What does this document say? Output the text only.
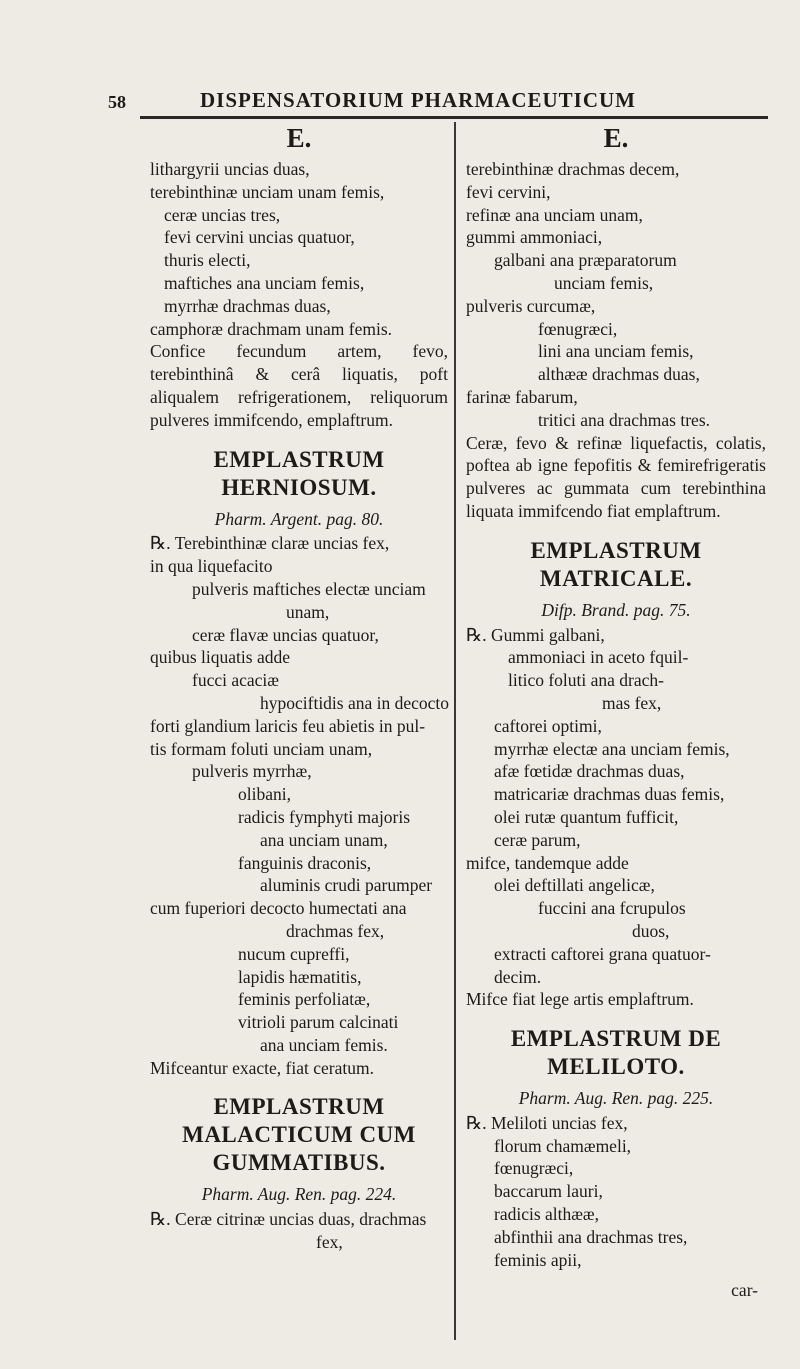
58	DISPENSATORIUM PHARMACEUTICUM
E.
lithargyrii uncias duas,
terebinthinæ unciam unam femis,
ceræ uncias tres,
fevi cervini uncias quatuor,
thuris electi,
maftiches ana unciam femis,
myrrhæ drachmas duas,
camphoræ drachmam unam femis.
Confice fecundum artem, fevo, terebinthinâ & cerâ liquatis, poft aliqualem refrigerationem, reliquorum pulveres immifcendo, emplaftrum.
EMPLASTRUM HERNIOSUM.
Pharm. Argent. pag. 80.
℞. Terebinthinæ claræ uncias fex,
in qua liquefacito
pulveris maftiches electæ unciam
unam,
ceræ flavæ uncias quatuor,
quibus liquatis adde
fucci acaciæ
hypociftidis ana in decocto
forti glandium laricis feu abietis in pul-
tis formam foluti unciam unam,
pulveris myrrhæ,
olibani,
radicis fymphyti majoris
ana unciam unam,
fanguinis draconis,
aluminis crudi parumper
cum fuperiori decocto humectati ana
drachmas fex,
nucum cupreffi,
lapidis hæmatitis,
feminis perfoliatæ,
vitrioli parum calcinati
ana unciam femis.
Mifceantur exacte, fiat ceratum.
EMPLASTRUM MALACTICUM CUM GUMMATIBUS.
Pharm. Aug. Ren. pag. 224.
℞. Ceræ citrinæ uncias duas, drachmas
fex,
E.
terebinthinæ drachmas decem,
fevi cervini,
refinæ ana unciam unam,
gummi ammoniaci,
galbani ana præparatorum
unciam femis,
pulveris curcumæ,
fœnugræci,
lini ana unciam femis,
althææ drachmas duas,
farinæ fabarum,
tritici ana drachmas tres.
Ceræ, fevo & refinæ liquefactis, colatis, poftea ab igne fepofitis & femirefrigeratis pulveres ac gummata cum terebinthina liquata immifcendo fiat emplaftrum.
EMPLASTRUM MATRICALE.
Difp. Brand. pag. 75.
℞. Gummi galbani,
ammoniaci in aceto fquil-
litico foluti ana drach-
mas fex,
caftorei optimi,
myrrhæ electæ ana unciam femis,
afæ fœtidæ drachmas duas,
matricariæ drachmas duas femis,
olei rutæ quantum fufficit,
ceræ parum,
mifce, tandemque adde
olei deftillati angelicæ,
fuccini ana fcrupulos
duos,
extracti caftorei grana quatuor-
decim.
Mifce fiat lege artis emplaftrum.
EMPLASTRUM DE MELILOTO.
Pharm. Aug. Ren. pag. 225.
℞. Meliloti uncias fex,
florum chamæmeli,
fœnugræci,
baccarum lauri,
radicis althææ,
abfinthii ana drachmas tres,
feminis apii,
car-
